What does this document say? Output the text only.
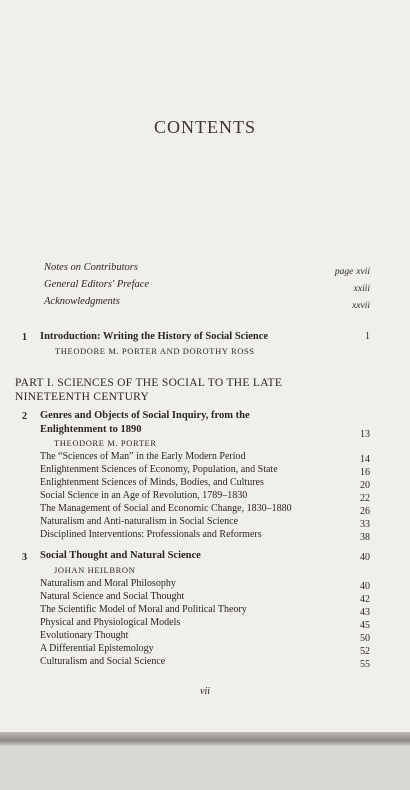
CONTENTS
Notes on Contributors	page xvii
General Editors' Preface	xxiii
Acknowledgments	xxvii
1 Introduction: Writing the History of Social Science	1
THEODORE M. PORTER AND DOROTHY ROSS
PART I. SCIENCES OF THE SOCIAL TO THE LATE
NINETEENTH CENTURY
2 Genres and Objects of Social Inquiry, from the
Enlightenment to 1890	13
THEODORE M. PORTER
The “Sciences of Man” in the Early Modern Period	14
Enlightenment Sciences of Economy, Population, and State	16
Enlightenment Sciences of Minds, Bodies, and Cultures	20
Social Science in an Age of Revolution, 1789–1830	22
The Management of Social and Economic Change, 1830–1880	26
Naturalism and Anti-naturalism in Social Science	33
Disciplined Interventions: Professionals and Reformers	38
3 Social Thought and Natural Science	40
JOHAN HEILBRON
Naturalism and Moral Philosophy	40
Natural Science and Social Thought	42
The Scientific Model of Moral and Political Theory	43
Physical and Physiological Models	45
Evolutionary Thought	50
A Differential Epistemology	52
Culturalism and Social Science	55
vii
